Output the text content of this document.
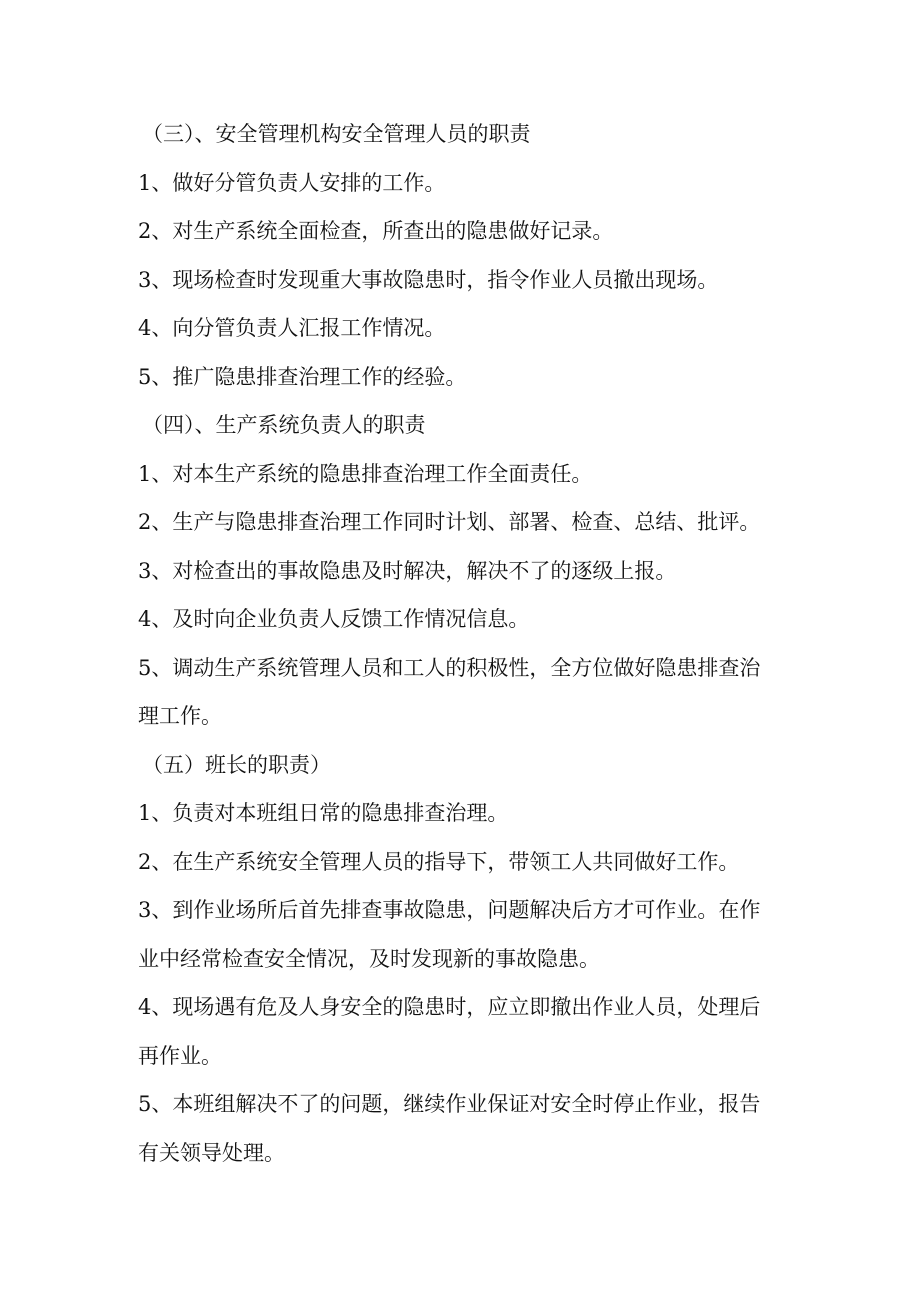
（三）、安全管理机构安全管理人员的职责
1、做好分管负责人安排的工作。
2、对生产系统全面检查，所查出的隐患做好记录。
3、现场检查时发现重大事故隐患时，指令作业人员撤出现场。
4、向分管负责人汇报工作情况。
5、推广隐患排查治理工作的经验。
（四）、生产系统负责人的职责
1、对本生产系统的隐患排查治理工作全面责任。
2、生产与隐患排查治理工作同时计划、部署、检查、总结、批评。
3、对检查出的事故隐患及时解决，解决不了的逐级上报。
4、及时向企业负责人反馈工作情况信息。
5、调动生产系统管理人员和工人的积极性，全方位做好隐患排查治
理工作。
（五）班长的职责）
1、负责对本班组日常的隐患排查治理。
2、在生产系统安全管理人员的指导下，带领工人共同做好工作。
3、到作业场所后首先排查事故隐患，问题解决后方才可作业。在作
业中经常检查安全情况，及时发现新的事故隐患。
4、现场遇有危及人身安全的隐患时，应立即撤出作业人员，处理后
再作业。
5、本班组解决不了的问题，继续作业保证对安全时停止作业，报告
有关领导处理。
